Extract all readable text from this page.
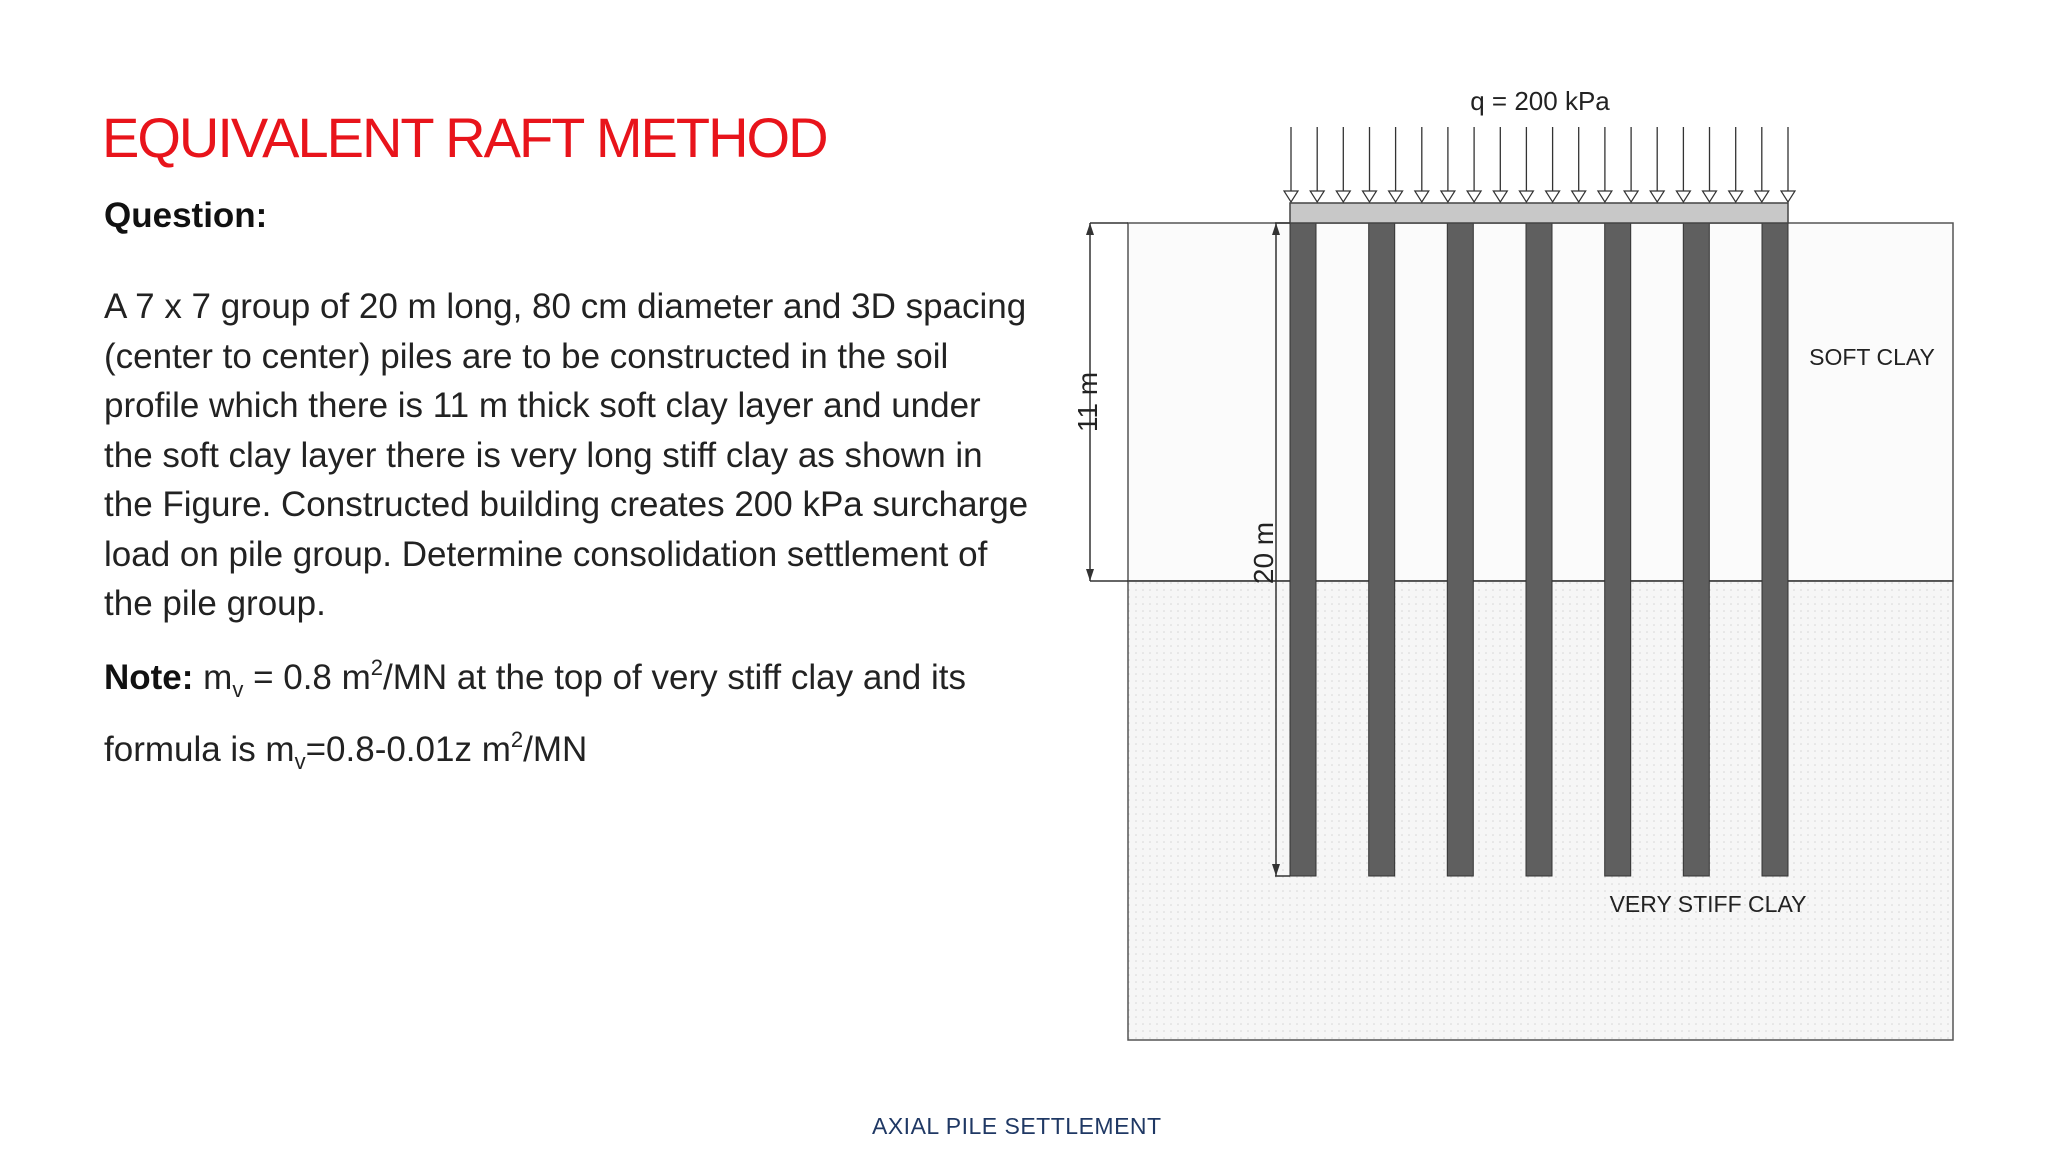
EQUIVALENT RAFT METHOD
Question:
A 7 x 7 group of 20 m long, 80 cm diameter and 3D spacing
(center to center) piles are to be constructed in the soil
profile which there is 11 m thick soft clay layer and under
the soft clay layer there is very long stiff clay as shown in
the Figure. Constructed building creates 200 kPa surcharge
load on pile group. Determine consolidation settlement of
the pile group.
Note: $m_v = 0.8$ $m^2/MN$ at the top of very stiff clay and its
formula is $m_v=0.8-0.01z$ $m^2/MN$
AXIAL PILE SETTLEMENT
q = 200 kPa
11 m
20 m
SOFT CLAY
VERY STIFF CLAY
